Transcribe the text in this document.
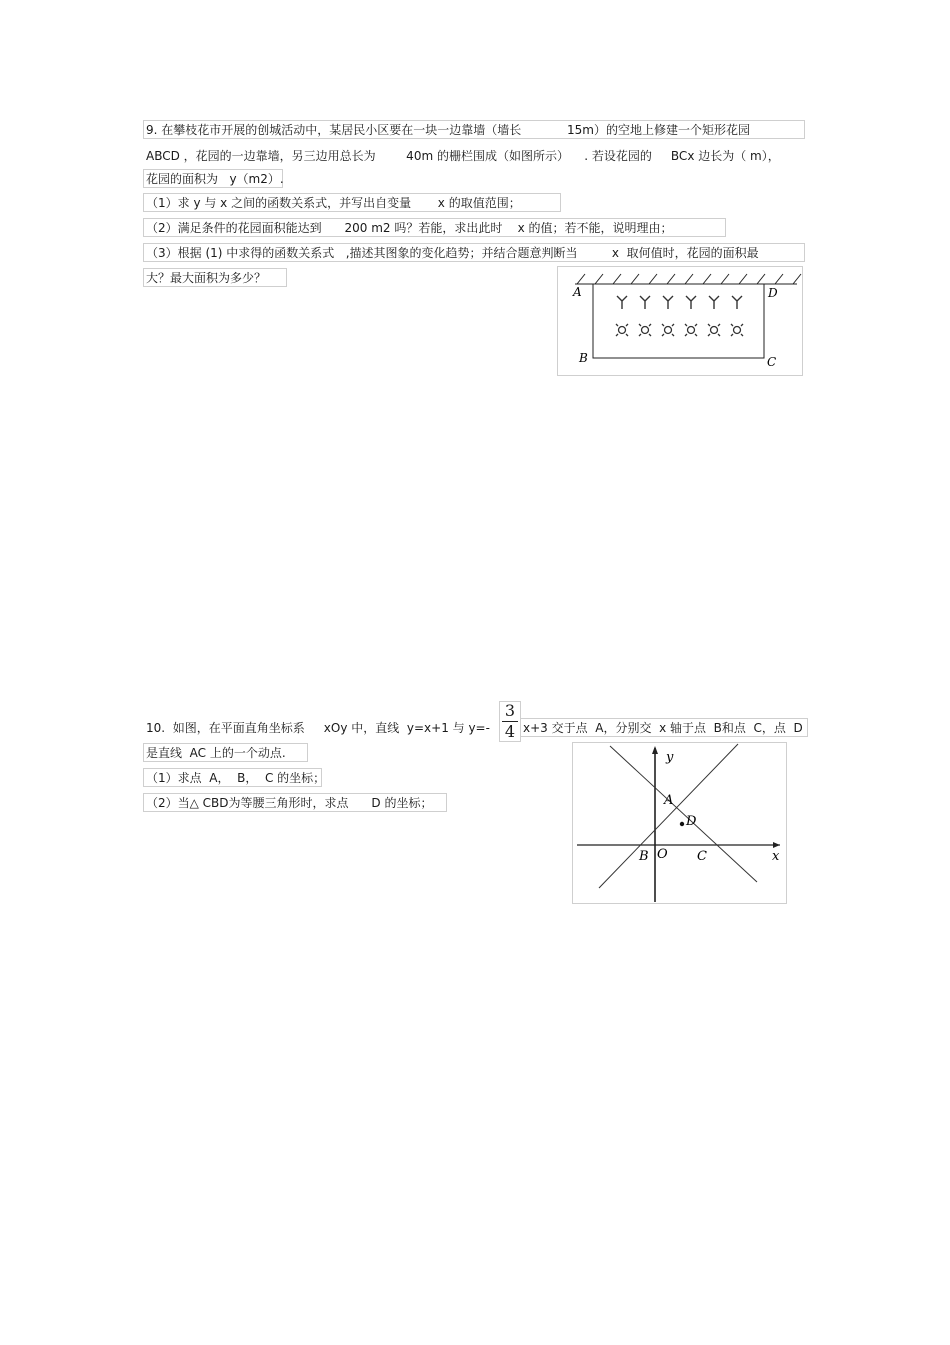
9. 在攀枝花市开展的创城活动中，某居民小区要在一块一边靠墙（墙长            15m）的空地上修建一个矩形花园
ABCD ，花园的一边靠墙，另三边用总长为        40m 的栅栏围成（如图所示）    . 若设花园的     BCx 边长为（ m），
花园的面积为   y（m2）.
（1）求 y 与 x 之间的函数关系式，并写出自变量       x 的取值范围；
（2）满足条件的花园面积能达到      200 m2 吗？若能，求出此时    x 的值；若不能，说明理由；
（3）根据 (1) 中求得的函数关系式   ,描述其图象的变化趋势；并结合题意判断当         x  取何值时，花园的面积最
大？最大面积为多少？
A	D
B	C
10.  如图，在平面直角坐标系     xOy 中，直线  y=x+1 与 y=-
3
4 x+3 交于点  A，分别交  x 轴于点  B和点  C，点  D
是直线  AC 上的一个动点.
（1）求点  A，  B，  C 的坐标；
（2）当△ CBD为等腰三角形时，求点      D 的坐标；
y
x
O
A
B	C
D
